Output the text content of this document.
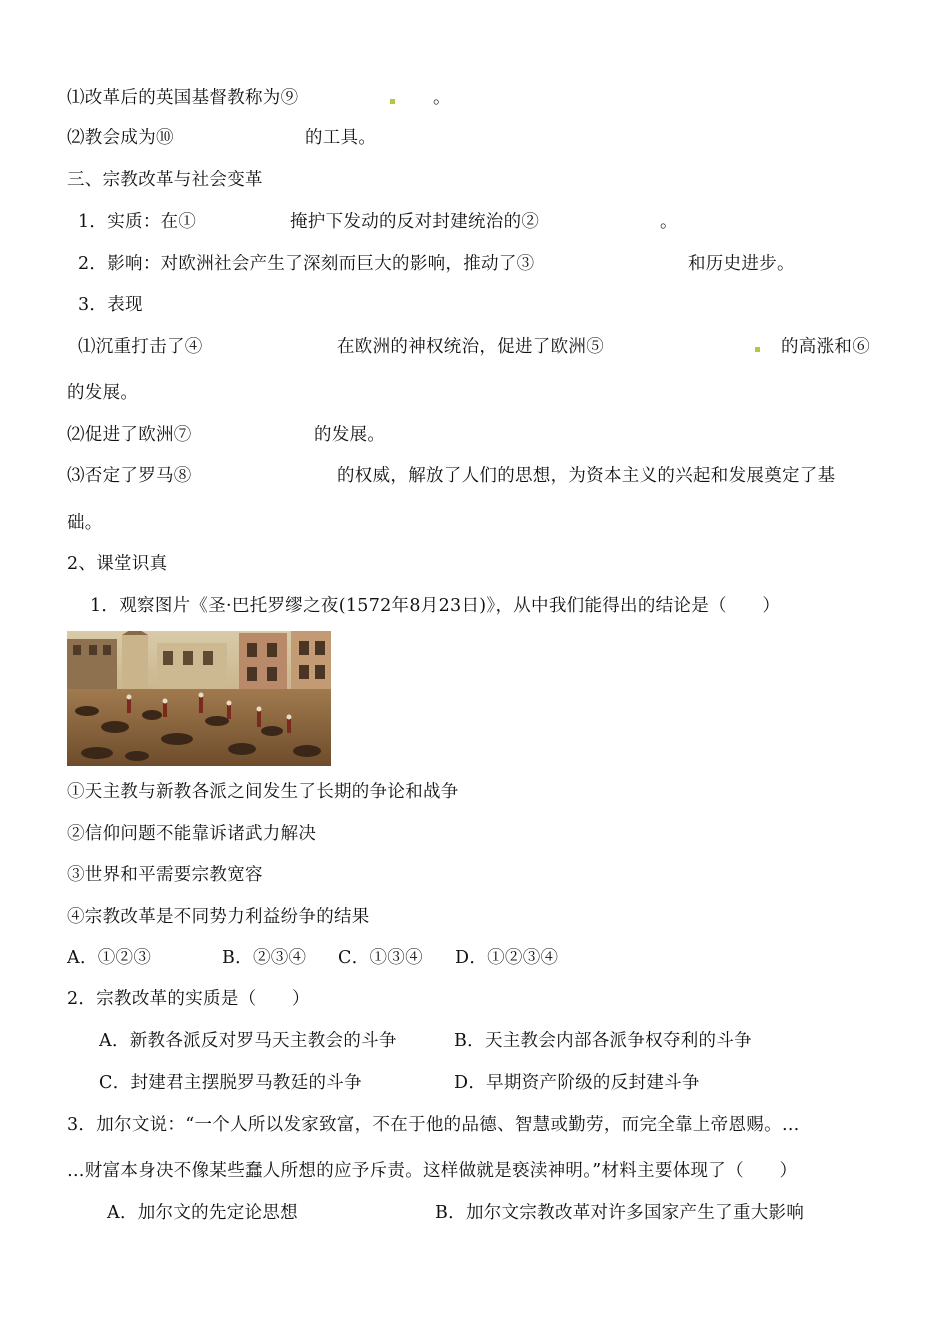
⑴改革后的英国基督教称为⑨	。
⑵教会成为⑩	的工具。
三、宗教改革与社会变革
1．实质：在①	掩护下发动的反对封建统治的②	。
2．影响：对欧洲社会产生了深刻而巨大的影响，推动了③	和历史进步。
3．表现
⑴沉重打击了④	在欧洲的神权统治，促进了欧洲⑤	的高涨和⑥
的发展。
⑵促进了欧洲⑦	的发展。
⑶否定了罗马⑧	的权威，解放了人们的思想，为资本主义的兴起和发展奠定了基
础。
2、课堂识真
1．观察图片《圣·巴托罗缪之夜(1572年8月23日)》，从中我们能得出的结论是（　　）
①天主教与新教各派之间发生了长期的争论和战争
②信仰问题不能靠诉诸武力解决
③世界和平需要宗教宽容
④宗教改革是不同势力利益纷争的结果
A．①②③	B．②③④ C．①③④ D．①②③④
2．宗教改革的实质是（　　）
A．新教各派反对罗马天主教会的斗争	B．天主教会内部各派争权夺利的斗争
C．封建君主摆脱罗马教廷的斗争	D．早期资产阶级的反封建斗争
3．加尔文说：“一个人所以发家致富，不在于他的品德、智慧或勤劳，而完全靠上帝恩赐。…
…财富本身决不像某些蠢人所想的应予斥责。这样做就是亵渎神明。”材料主要体现了（　　）
A．加尔文的先定论思想	B．加尔文宗教改革对许多国家产生了重大影响
